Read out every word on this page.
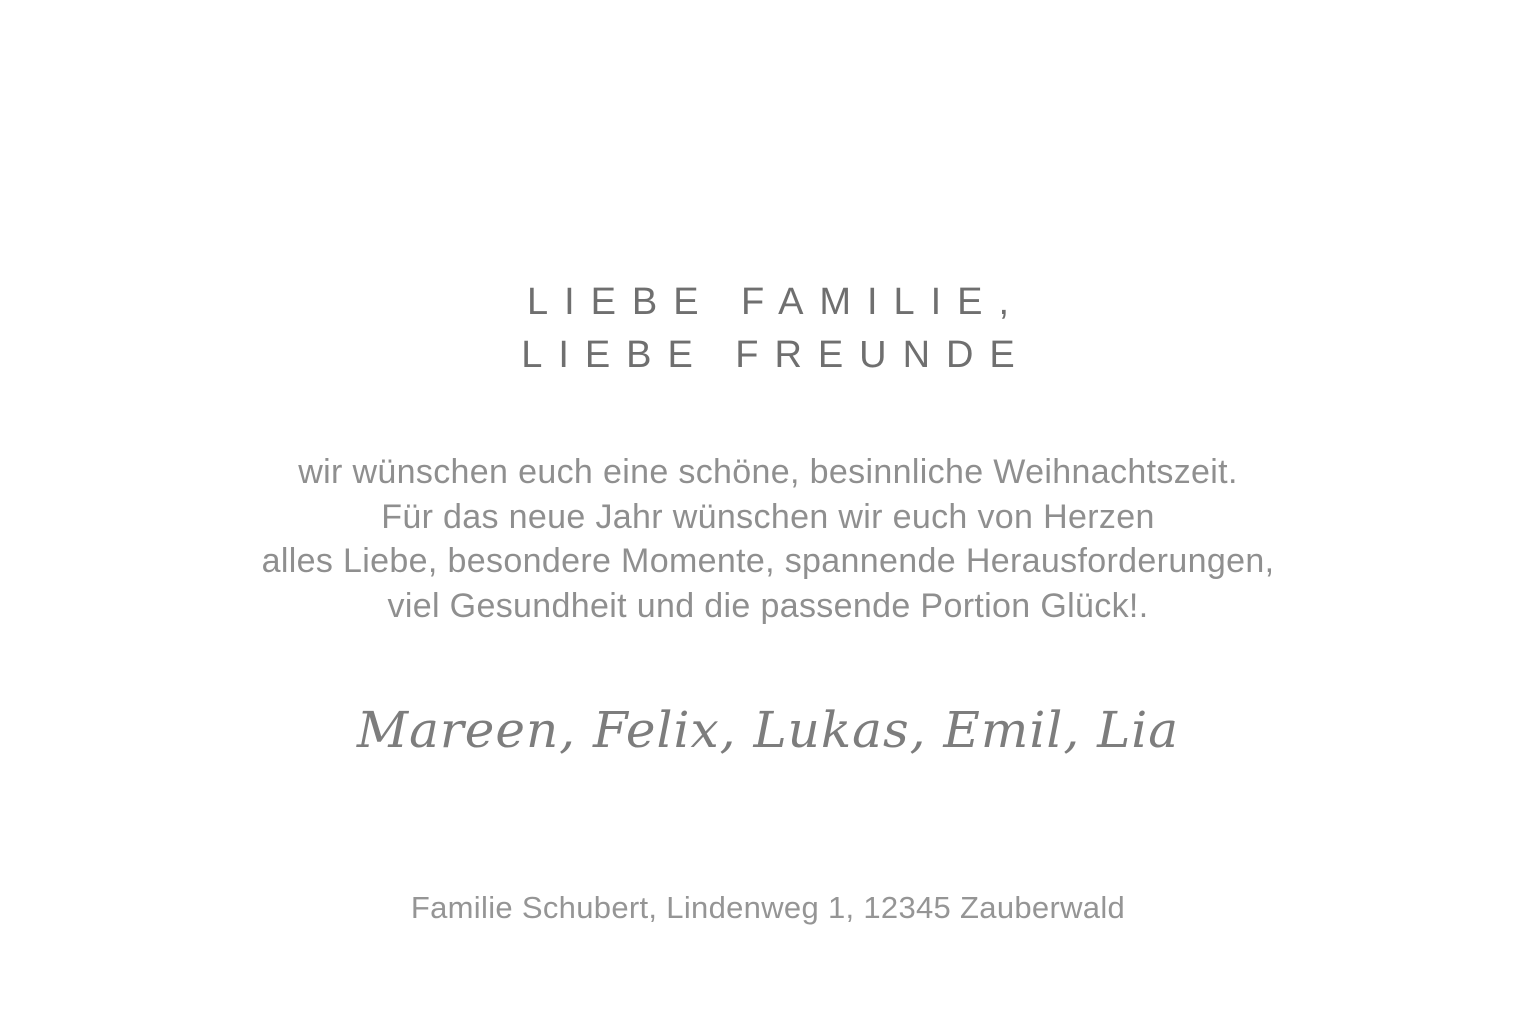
LIEBE FAMILIE,
LIEBE FREUNDE
wir wünschen euch eine schöne, besinnliche Weihnachtszeit.
Für das neue Jahr wünschen wir euch von Herzen
alles Liebe, besondere Momente, spannende Herausforderungen,
viel Gesundheit und die passende Portion Glück!.
Mareen, Felix, Lukas, Emil, Lia
Familie Schubert, Lindenweg 1, 12345 Zauberwald
